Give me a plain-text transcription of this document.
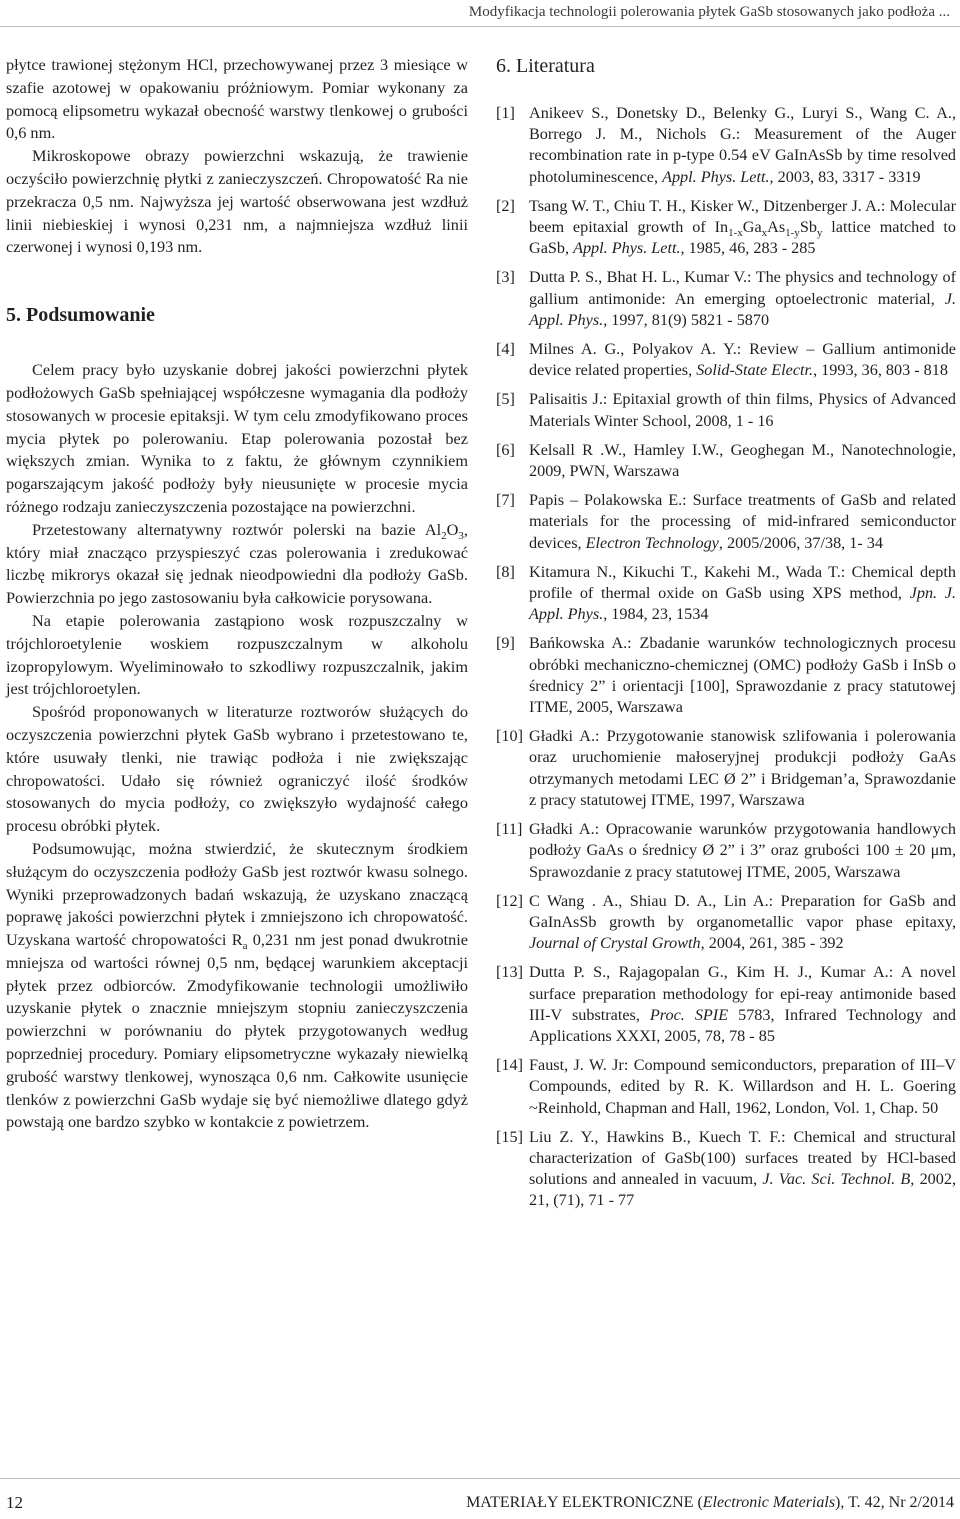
Modyfikacja technologii polerowania płytek GaSb stosowanych jako podłoża ...

płytce trawionej stężonym HCl, przechowywanej przez 3 miesiące w szafie azotowej w opakowaniu próżniowym. Pomiar wykonany za pomocą elipsometru wykazał obecność warstwy tlenkowej o grubości 0,6 nm.

Mikroskopowe obrazy powierzchni wskazują, że trawienie oczyściło powierzchnię płytki z zanieczyszczeń. Chropowatość Ra nie przekracza 0,5 nm. Najwyższa jej wartość obserwowana jest wzdłuż linii niebieskiej i wynosi 0,231 nm, a najmniejsza wzdłuż linii czerwonej i wynosi 0,193 nm.

5. Podsumowanie

Celem pracy było uzyskanie dobrej jakości powierzchni płytek podłożowych GaSb spełniającej współczesne wymagania dla podłoży stosowanych w procesie epitaksji. W tym celu zmodyfikowano proces mycia płytek po polerowaniu. Etap polerowania pozostał bez większych zmian. Wynika to z faktu, że głównym czynnikiem pogarszającym jakość podłoży były nieusunięte w procesie mycia różnego rodzaju zanieczyszczenia pozostające na powierzchni.

Przetestowany alternatywny roztwór polerski na bazie $Al_2O_3$, który miał znacząco przyspieszyć czas polerowania i zredukować liczbę mikrorys okazał się jednak nieodpowiedni dla podłoży GaSb. Powierzchnia po jego zastosowaniu była całkowicie porysowana.

Na etapie polerowania zastąpiono wosk rozpuszczalny w trójchloroetylenie woskiem rozpuszczalnym w alkoholu izopropylowym. Wyeliminowało to szkodliwy rozpuszczalnik, jakim jest trójchloroetylen.

Spośród proponowanych w literaturze roztworów służących do oczyszczenia powierzchni płytek GaSb wybrano i przetestowano te, które usuwały tlenki, nie trawiąc podłoża i nie zwiększając chropowatości. Udało się również ograniczyć ilość środków stosowanych do mycia podłoży, co zwiększyło wydajność całego procesu obróbki płytek.

Podsumowując, można stwierdzić, że skutecznym środkiem służącym do oczyszczenia podłoży GaSb jest roztwór kwasu solnego. Wyniki przeprowadzonych badań wskazują, że uzyskano znaczącą poprawę jakości powierzchni płytek i zmniejszono ich chropowatość. Uzyskana wartość chropowatości $R_a$ 0,231 nm jest ponad dwukrotnie mniejsza od wartości równej 0,5 nm, będącej warunkiem akceptacji płytek przez odbiorców. Zmodyfikowanie technologii umożliwiło uzyskanie płytek o znacznie mniejszym stopniu zanieczyszczenia powierzchni w porównaniu do płytek przygotowanych według poprzedniej procedury. Pomiary elipsometryczne wykazały niewielką grubość warstwy tlenkowej, wynosząca 0,6 nm. Całkowite usunięcie tlenków z powierzchni GaSb wydaje się być niemożliwe dlatego gdyż powstają one bardzo szybko w kontakcie z powietrzem.

6. Literatura
[1] Anikeev S., Donetsky D., Belenky G., Luryi S., Wang C. A., Borrego J. M., Nichols G.: Measurement of the Auger recombination rate in p-type 0.54 eV GaInAsSb by time resolved photoluminescence, Appl. Phys. Lett., 2003, 83, 3317 - 3319
[2] Tsang W. T., Chiu T. H., Kisker W., Ditzenberger J. A.: Molecular beem epitaxial growth of $In_{1-x}Ga_xAs_{1-y}Sb_y$ lattice matched to GaSb, Appl. Phys. Lett., 1985, 46, 283 - 285
[3] Dutta P. S., Bhat H. L., Kumar V.: The physics and technology of gallium antimonide: An emerging optoelectronic material, J. Appl. Phys., 1997, 81(9) 5821 - 5870
[4] Milnes A. G., Polyakov A. Y.: Review – Gallium antimonide device related properties, Solid-State Electr., 1993, 36, 803 - 818
[5] Palisaitis J.: Epitaxial growth of thin films, Physics of Advanced Materials Winter School, 2008, 1 - 16
[6] Kelsall R .W., Hamley I.W., Geoghegan M., Nanotechnologie, 2009, PWN, Warszawa
[7] Papis – Polakowska E.: Surface treatments of GaSb and related materials for the processing of mid-infrared semiconductor devices, Electron Technology, 2005/2006, 37/38, 1- 34
[8] Kitamura N., Kikuchi T., Kakehi M., Wada T.: Chemical depth profile of thermal oxide on GaSb using XPS method, Jpn. J. Appl. Phys., 1984, 23, 1534
[9] Bańkowska A.: Zbadanie warunków technologicznych procesu obróbki mechaniczno-chemicznej (OMC) podłoży GaSb i InSb o średnicy 2” i orientacji [100], Sprawozdanie z pracy statutowej ITME, 2005, Warszawa
[10] Gładki A.: Przygotowanie stanowisk szlifowania i polerowania oraz uruchomienie małoseryjnej produkcji podłoży GaAs otrzymanych metodami LEC Ø 2” i Bridgeman’a, Sprawozdanie z pracy statutowej ITME, 1997, Warszawa
[11] Gładki A.: Opracowanie warunków przygotowania handlowych podłoży GaAs o średnicy Ø 2” i 3” oraz grubości 100 ± 20 μm, Sprawozdanie z pracy statutowej ITME, 2005, Warszawa
[12] C Wang . A., Shiau D. A., Lin A.: Preparation for GaSb and GaInAsSb growth by organometallic vapor phase epitaxy, Journal of Crystal Growth, 2004, 261, 385 - 392
[13] Dutta P. S., Rajagopalan G., Kim H. J., Kumar A.: A novel surface preparation methodology for epi-reay antimonide based III-V substrates, Proc. SPIE 5783, Infrared Technology and Applications XXXI, 2005, 78, 78 - 85
[14] Faust, J. W. Jr: Compound semiconductors, preparation of III–V Compounds, edited by R. K. Willardson and H. L. Goering ~Reinhold, Chapman and Hall, 1962, London, Vol. 1, Chap. 50
[15] Liu Z. Y., Hawkins B., Kuech T. F.: Chemical and structural characterization of GaSb(100) surfaces treated by HCl-based solutions and annealed in vacuum, J. Vac. Sci. Technol. B, 2002, 21, (71), 71 - 77
12	MATERIAŁY ELEKTRONICZNE (Electronic Materials), T. 42, Nr 2/2014
